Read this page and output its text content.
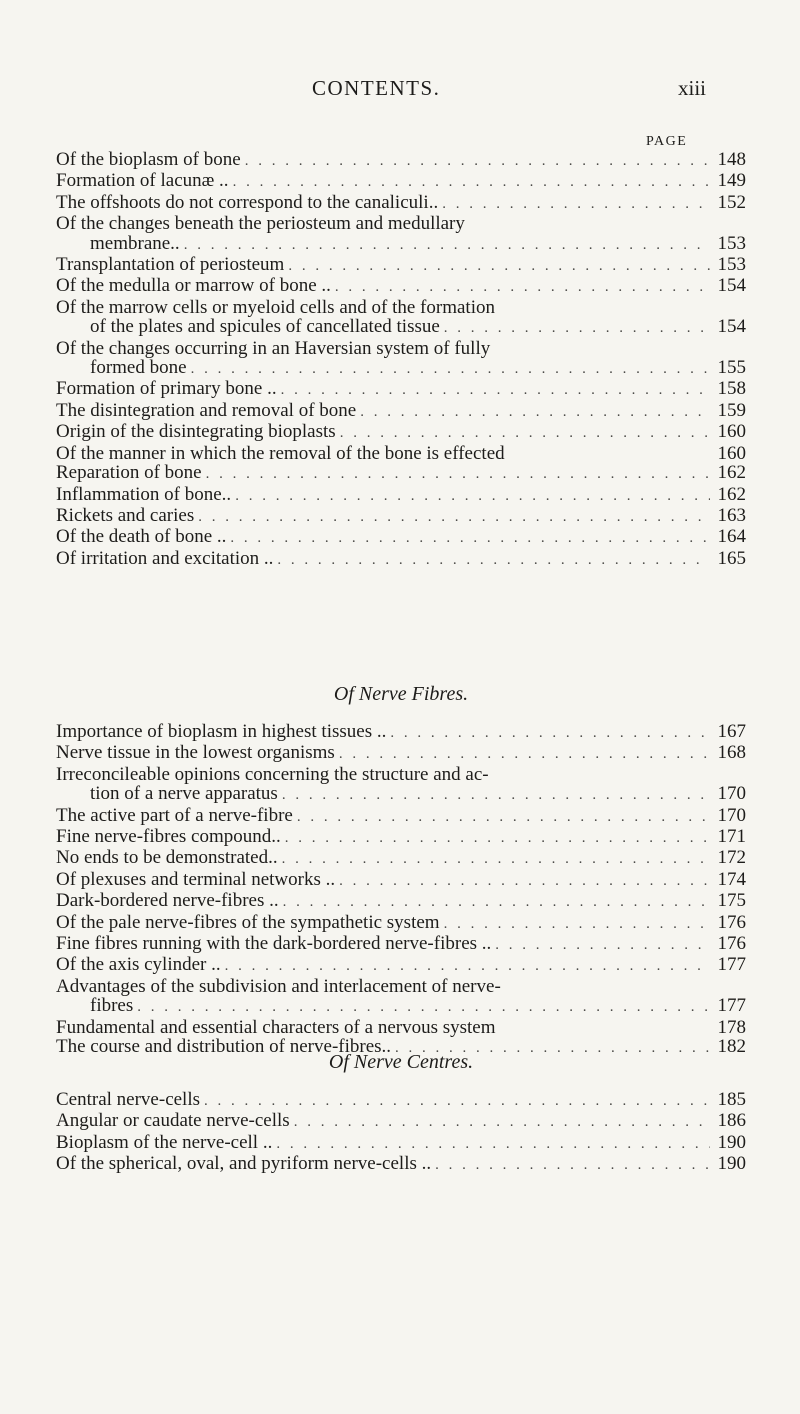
CONTENTS.	xiii
PAGE
Of the bioplasm of bone . . .	148
Formation of lacunæ .. . . .	149
The offshoots do not correspond to the canaliculi.. . . .	152
Of the changes beneath the periosteum and medullary
membrane.. . . .	153
Transplantation of periosteum . . .	153
Of the medulla or marrow of bone .. . . .	154
Of the marrow cells or myeloid cells and of the formation
of the plates and spicules of cancellated tissue . . .	154
Of the changes occurring in an Haversian system of fully
formed bone . . .	155
Formation of primary bone .. . . .	158
The disintegration and removal of bone . . .	159
Origin of the disintegrating bioplasts . . .	160
Of the manner in which the removal of the bone is effected	160
Reparation of bone . . .	162
Inflammation of bone.. . . .	162
Rickets and caries . . .	163
Of the death of bone .. . . .	164
Of irritation and excitation .. . . .	165
Of Nerve Fibres.
Importance of bioplasm in highest tissues .. . . .	167
Nerve tissue in the lowest organisms . . .	168
Irreconcileable opinions concerning the structure and ac-
tion of a nerve apparatus . . .	170
The active part of a nerve-fibre . . .	170
Fine nerve-fibres compound.. . . .	171
No ends to be demonstrated.. . . .	172
Of plexuses and terminal networks .. . . .	174
Dark-bordered nerve-fibres .. . . .	175
Of the pale nerve-fibres of the sympathetic system . . .	176
Fine fibres running with the dark-bordered nerve-fibres .. . . .	176
Of the axis cylinder .. . . .	177
Advantages of the subdivision and interlacement of nerve-
fibres . . .	177
Fundamental and essential characters of a nervous system	178
The course and distribution of nerve-fibres.. . . .	182
Of Nerve Centres.
Central nerve-cells . . .	185
Angular or caudate nerve-cells . . .	186
Bioplasm of the nerve-cell .. . . .	190
Of the spherical, oval, and pyriform nerve-cells .. . . .	190
